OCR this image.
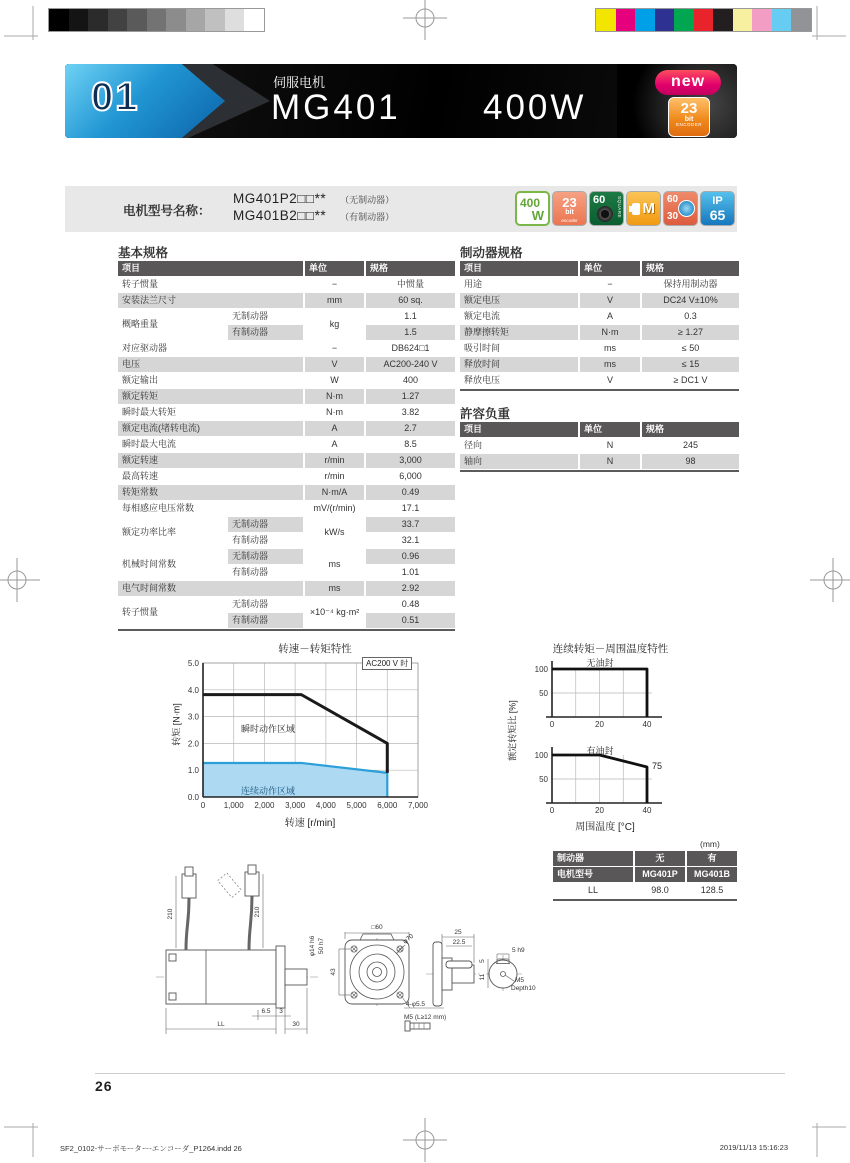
01	伺服电机
MG401 400W
new
23
bit
ENCODER
电机型号名称：
MG401P2□□** （无制动器）
MG401B2□□** （有制动器）
400
W
23
bit
encoder
60	SQUARE M
60
30
IP
65
基本规格
项目		单位	规格
转子惯量		−	中惯量
安装法兰尺寸		mm	60 sq.
概略重量	无制动器	kg	1.1
	有制动器		1.5
对应驱动器		−	DB624□1
电压		V	AC200-240 V
额定输出		W	400
额定转矩		N·m	1.27
瞬时最大转矩		N·m	3.82
额定电流(堵转电流)		A	2.7
瞬时最大电流		A	8.5
额定转速		r/min	3,000
最高转速		r/min	6,000
转矩常数		N·m/A	0.49
每相感应电压常数		mV/(r/min)	17.1
额定功率比率	无制动器	kW/s	33.7
	有制动器		32.1
机械时间常数	无制动器	ms	0.96
	有制动器		1.01
电气时间常数		ms	2.92
转子惯量	无制动器	×10⁻⁴ kg·m²	0.48
	有制动器		0.51
制动器规格
项目	单位	规格
用途	−	保持用制动器
额定电压	V	DC24 V±10%
额定电流	A	0.3
静摩擦转矩	N·m	≥ 1.27
吸引时间	ms	≤ 50
释放时间	ms	≤ 15
释放电压	V	≥ DC1 V
許容负重
项目	单位	规格
径向	N	245
轴向	N	98
转速－转矩特性
0 1,000 2,000 3,000 4,000 5,000 6,000 7,000
0.0
1.0
2.0
3.0
4.0
5.0	AC200 V 时
转矩 [N·m]
转速 [r/min]
瞬时动作区域
连续动作区域
连续转矩－周围温度特性
100
50
0	20	40
100
50
0	20	40
无油封
有油封
75
额定转矩比 [%]
周围温度 [°C]
(mm)
制动器	无	有
电机型号	MG401P	MG401B
LL	98.0	128.5
210	210
φ14 h6 50 h7
6.5 3
LL	30
□60
43
φ70
4-φ5.5
M5 (L≥12 mm)
25
22.5
5 h9
5
11	M5
Depth10
26
SF2_0102-サーボモーター-エンコーダ_P1264.indd 26	2019/11/13 15:16:23
